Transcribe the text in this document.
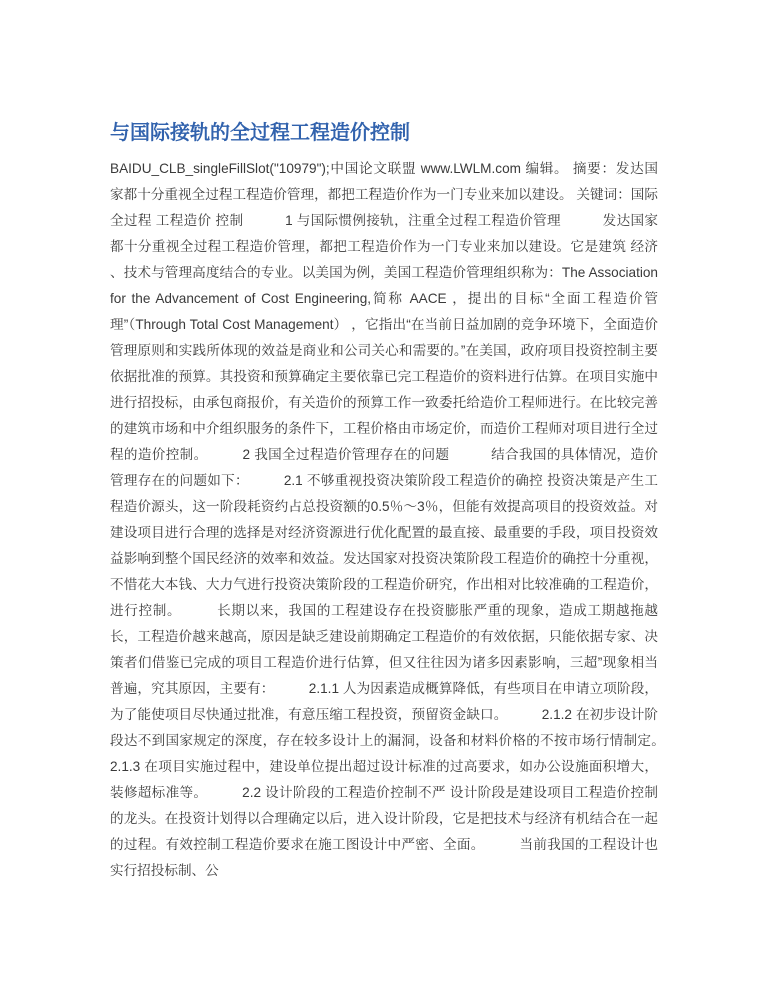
与国际接轨的全过程工程造价控制

BAIDU_CLB_singleFillSlot("10979");中国论文联盟 www.LWLM.com 编辑。 摘要：发达国家都十分重视全过程工程造价管理，都把工程造价作为一门专业来加以建设。 关键词：国际 全过程 工程造价 控制　　　1 与国际惯例接轨，注重全过程工程造价管理　　　发达国家都十分重视全过程工程造价管理，都把工程造价作为一门专业来加以建设。它是建筑 经济 、技术与管理高度结合的专业。以美国为例，美国工程造价管理组织称为：The Association for the Advancement of Cost Engineering,简称 AACE ，提出的目标“全面工程造价管理”（Through Total Cost Management） ，它指出“在当前日益加剧的竞争环境下，全面造价管理原则和实践所体现的效益是商业和公司关心和需要的。”在美国，政府项目投资控制主要依据批准的预算。其投资和预算确定主要依靠已完工程造价的资料进行估算。在项目实施中进行招投标，由承包商报价，有关造价的预算工作一致委托给造价工程师进行。在比较完善的建筑市场和中介组织服务的条件下，工程价格由市场定价，而造价工程师对项目进行全过程的造价控制。　　　2 我国全过程造价管理存在的问题　　　结合我国的具体情况，造价管理存在的问题如下：　　　2.1 不够重视投资决策阶段工程造价的确控 投资决策是产生工程造价源头，这一阶段耗资约占总投资额的0.5％～3％，但能有效提高项目的投资效益。对建设项目进行合理的选择是对经济资源进行优化配置的最直接、最重要的手段，项目投资效益影响到整个国民经济的效率和效益。发达国家对投资决策阶段工程造价的确控十分重视，不惜花大本钱、大力气进行投资决策阶段的工程造价研究，作出相对比较准确的工程造价，进行控制。　　　长期以来，我国的工程建设存在投资膨胀严重的现象，造成工期越拖越长，工程造价越来越高，原因是缺乏建设前期确定工程造价的有效依据，只能依据专家、决策者们借鉴已完成的项目工程造价进行估算，但又往往因为诸多因素影响，三超”现象相当普遍，究其原因，主要有：　　　2.1.1 人为因素造成概算降低，有些项目在申请立项阶段，为了能使项目尽快通过批准，有意压缩工程投资，预留资金缺口。　　　2.1.2 在初步设计阶段达不到国家规定的深度，存在较多设计上的漏洞，设备和材料价格的不按市场行情制定。　　　2.1.3 在项目实施过程中，建设单位提出超过设计标准的过高要求，如办公设施面积增大，装修超标准等。　　　2.2 设计阶段的工程造价控制不严 设计阶段是建设项目工程造价控制的龙头。在投资计划得以合理确定以后，进入设计阶段，它是把技术与经济有机结合在一起的过程。有效控制工程造价要求在施工图设计中严密、全面。　　　当前我国的工程设计也实行招投标制、公
